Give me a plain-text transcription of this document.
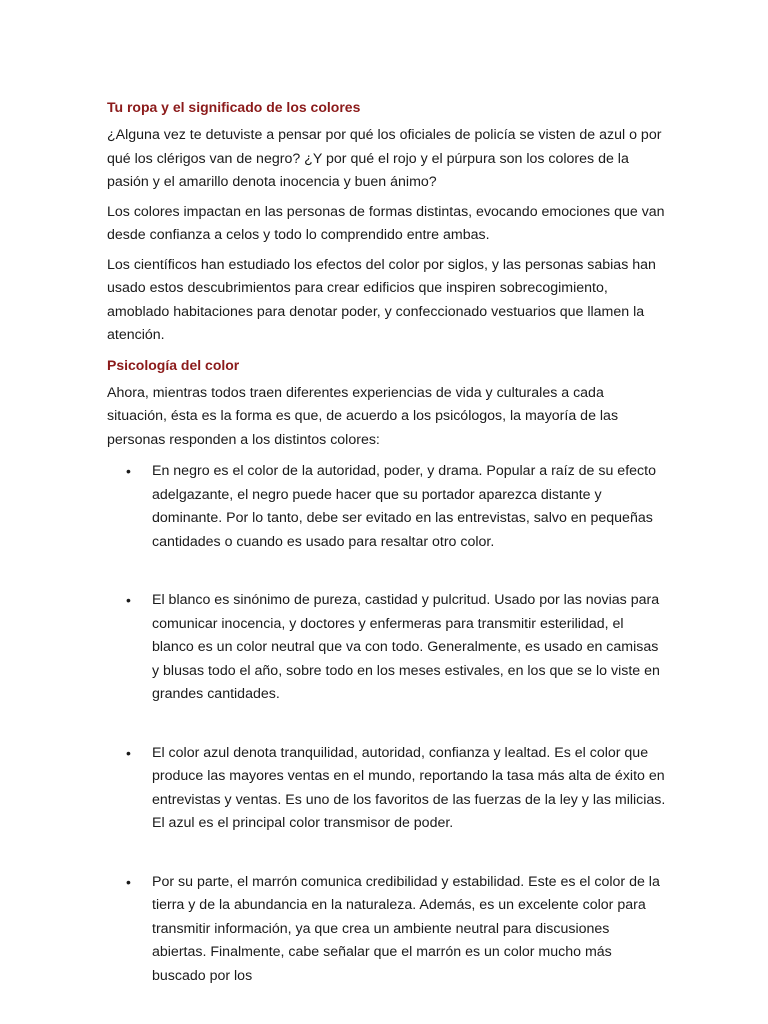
Tu ropa y el significado de los colores

¿Alguna vez te detuviste a pensar por qué los oficiales de policía se visten de azul o por qué los clérigos van de negro? ¿Y por qué el rojo y el púrpura son los colores de la pasión y el amarillo denota inocencia y buen ánimo?

Los colores impactan en las personas de formas distintas, evocando emociones que van desde confianza a celos y todo lo comprendido entre ambas.

Los científicos han estudiado los efectos del color por siglos, y las personas sabias han usado estos descubrimientos para crear edificios que inspiren sobrecogimiento, amoblado habitaciones para denotar poder, y confeccionado vestuarios que llamen la atención.

Psicología del color

Ahora, mientras todos traen diferentes experiencias de vida y culturales a cada situación, ésta es la forma es que, de acuerdo a los psicólogos, la mayoría de las personas responden a los distintos colores:

• En negro es el color de la autoridad, poder, y drama. Popular a raíz de su efecto adelgazante, el negro puede hacer que su portador aparezca distante y dominante. Por lo tanto, debe ser evitado en las entrevistas, salvo en pequeñas cantidades o cuando es usado para resaltar otro color.
• El blanco es sinónimo de pureza, castidad y pulcritud. Usado por las novias para comunicar inocencia, y doctores y enfermeras para transmitir esterilidad, el blanco es un color neutral que va con todo. Generalmente, es usado en camisas y blusas todo el año, sobre todo en los meses estivales, en los que se lo viste en grandes cantidades.
• El color azul denota tranquilidad, autoridad, confianza y lealtad. Es el color que produce las mayores ventas en el mundo, reportando la tasa más alta de éxito en entrevistas y ventas. Es uno de los favoritos de las fuerzas de la ley y las milicias. El azul es el principal color transmisor de poder.
• Por su parte, el marrón comunica credibilidad y estabilidad. Este es el color de la tierra y de la abundancia en la naturaleza. Además, es un excelente color para transmitir información, ya que crea un ambiente neutral para discusiones abiertas. Finalmente, cabe señalar que el marrón es un color mucho más buscado por los
